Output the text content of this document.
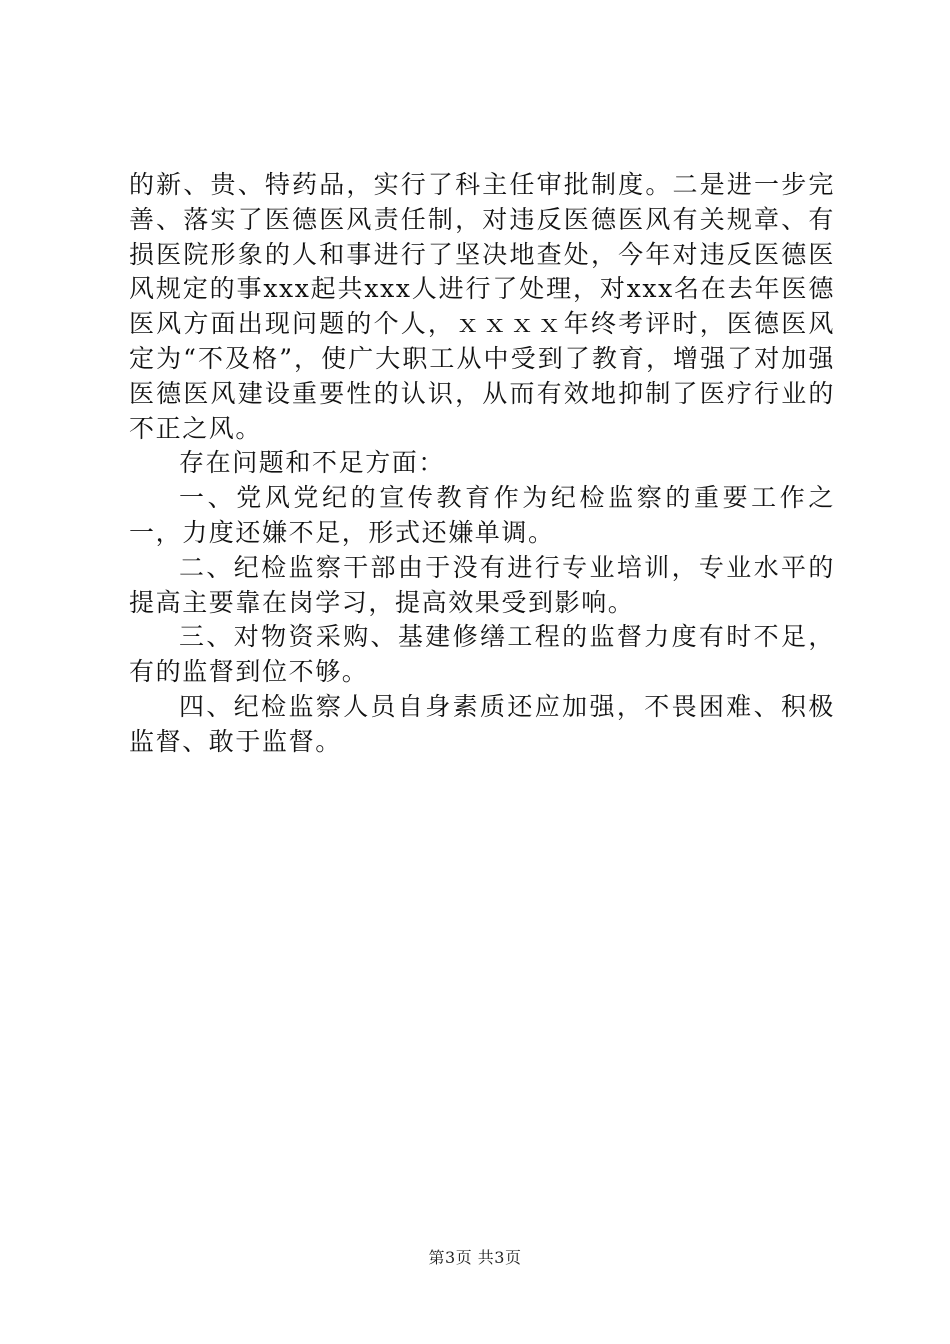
的新、贵、特药品，实行了科主任审批制度。二是进一步完善、落实了医德医风责任制，对违反医德医风有关规章、有损医院形象的人和事进行了坚决地查处，今年对违反医德医风规定的事xxx起共xxx人进行了处理，对xxx名在去年医德医风方面出现问题的个人，ｘｘｘｘ年终考评时，医德医风定为“不及格”，使广大职工从中受到了教育，增强了对加强医德医风建设重要性的认识，从而有效地抑制了医疗行业的不正之风。

存在问题和不足方面：

一、党风党纪的宣传教育作为纪检监察的重要工作之一，力度还嫌不足，形式还嫌单调。

二、纪检监察干部由于没有进行专业培训，专业水平的提高主要靠在岗学习，提高效果受到影响。

三、对物资采购、基建修缮工程的监督力度有时不足，有的监督到位不够。

四、纪检监察人员自身素质还应加强，不畏困难、积极监督、敢于监督。

第3页 共3页
